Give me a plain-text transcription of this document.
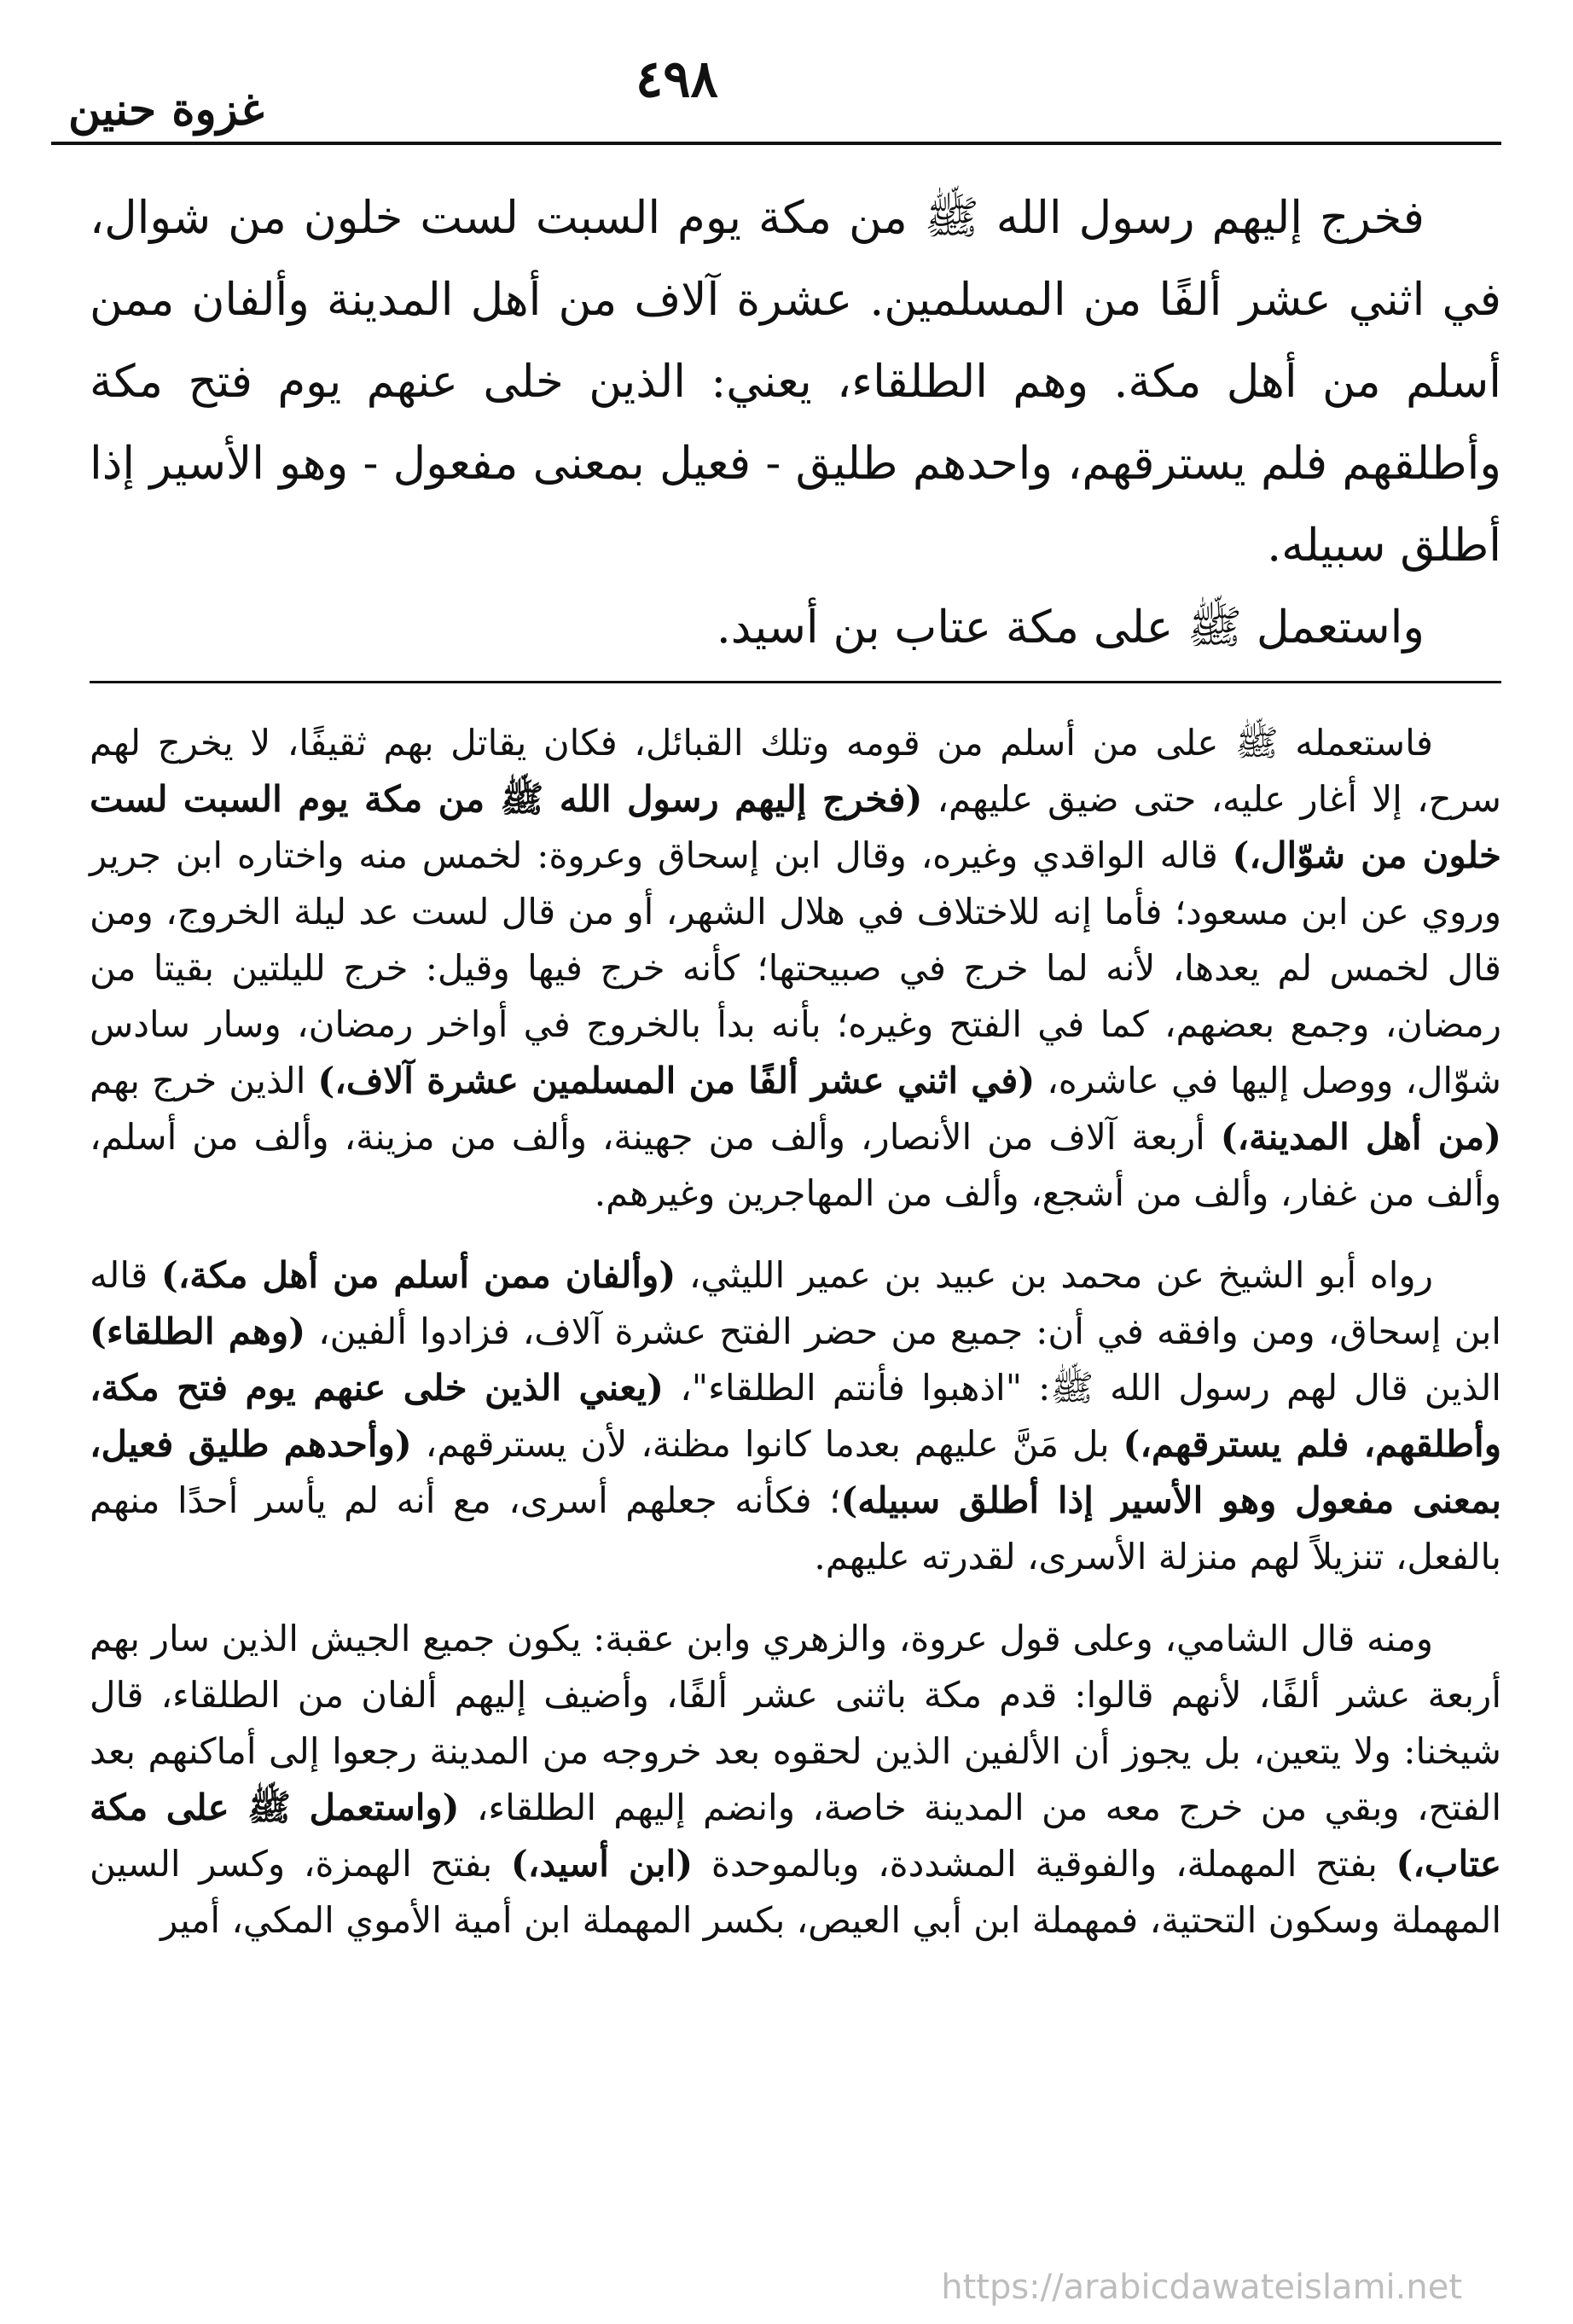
٤٩٨
غزوة حنين

فخرج إليهم رسول الله ﷺ من مكة يوم السبت لست خلون من شوال، في اثني عشر ألفًا من المسلمين. عشرة آلاف من أهل المدينة وألفان ممن أسلم من أهل مكة. وهم الطلقاء، يعني: الذين خلى عنهم يوم فتح مكة وأطلقهم فلم يسترقهم، واحدهم طليق - فعيل بمعنى مفعول - وهو الأسير إذا أطلق سبيله.

واستعمل ﷺ على مكة عتاب بن أسيد.

فاستعمله ﷺ على من أسلم من قومه وتلك القبائل، فكان يقاتل بهم ثقيفًا، لا يخرج لهم سرح، إلا أغار عليه، حتى ضيق عليهم، (فخرج إليهم رسول الله ﷺ من مكة يوم السبت لست خلون من شوّال،) قاله الواقدي وغيره، وقال ابن إسحاق وعروة: لخمس منه واختاره ابن جرير وروي عن ابن مسعود؛ فأما إنه للاختلاف في هلال الشهر، أو من قال لست عد ليلة الخروج، ومن قال لخمس لم يعدها، لأنه لما خرج في صبيحتها؛ كأنه خرج فيها وقيل: خرج لليلتين بقيتا من رمضان، وجمع بعضهم، كما في الفتح وغيره؛ بأنه بدأ بالخروج في أواخر رمضان، وسار سادس شوّال، ووصل إليها في عاشره، (في اثني عشر ألفًا من المسلمين عشرة آلاف،) الذين خرج بهم (من أهل المدينة،) أربعة آلاف من الأنصار، وألف من جهينة، وألف من مزينة، وألف من أسلم، وألف من غفار، وألف من أشجع، وألف من المهاجرين وغيرهم.

رواه أبو الشيخ عن محمد بن عبيد بن عمير الليثي، (وألفان ممن أسلم من أهل مكة،) قاله ابن إسحاق، ومن وافقه في أن: جميع من حضر الفتح عشرة آلاف، فزادوا ألفين، (وهم الطلقاء) الذين قال لهم رسول الله ﷺ: "اذهبوا فأنتم الطلقاء"، (يعني الذين خلى عنهم يوم فتح مكة، وأطلقهم، فلم يسترقهم،) بل مَنَّ عليهم بعدما كانوا مظنة، لأن يسترقهم، (وأحدهم طليق فعيل، بمعنى مفعول وهو الأسير إذا أطلق سبيله)؛ فكأنه جعلهم أسرى، مع أنه لم يأسر أحدًا منهم بالفعل، تنزيلاً لهم منزلة الأسرى، لقدرته عليهم.

ومنه قال الشامي، وعلى قول عروة، والزهري وابن عقبة: يكون جميع الجيش الذين سار بهم أربعة عشر ألفًا، لأنهم قالوا: قدم مكة باثنى عشر ألفًا، وأضيف إليهم ألفان من الطلقاء، قال شيخنا: ولا يتعين، بل يجوز أن الألفين الذين لحقوه بعد خروجه من المدينة رجعوا إلى أماكنهم بعد الفتح، وبقي من خرج معه من المدينة خاصة، وانضم إليهم الطلقاء، (واستعمل ﷺ على مكة عتاب،) بفتح المهملة، والفوقية المشددة، وبالموحدة (ابن أسيد،) بفتح الهمزة، وكسر السين المهملة وسكون التحتية، فمهملة ابن أبي العيص، بكسر المهملة ابن أمية الأموي المكي، أمير

https://arabicdawateislami.net
